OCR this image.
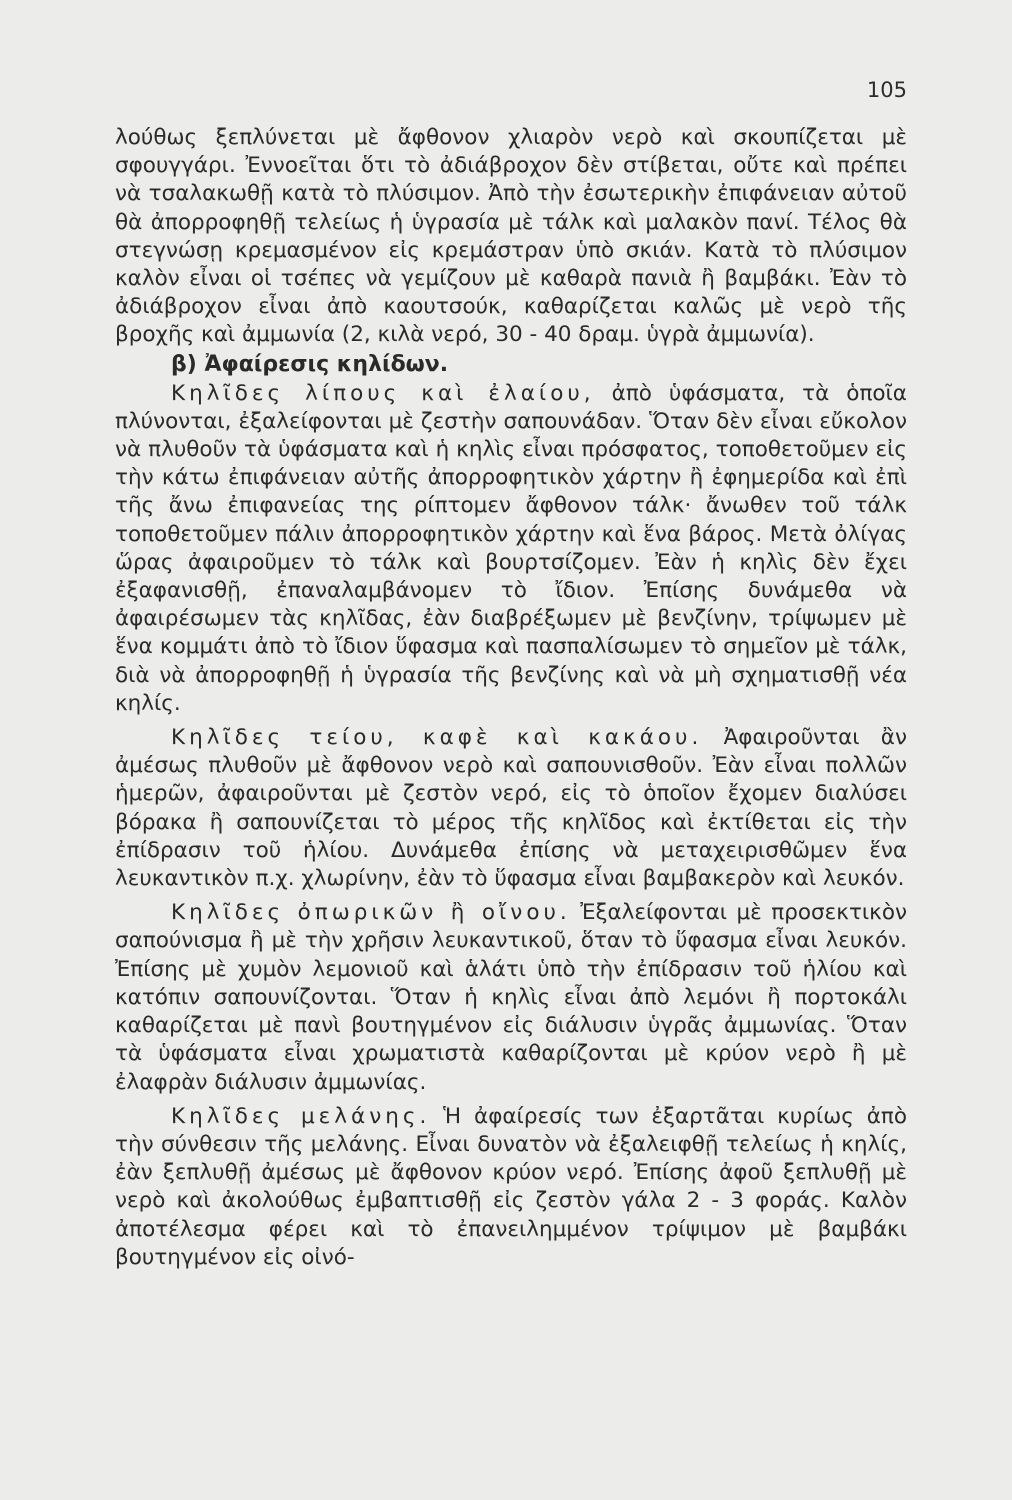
105

λούθως ξεπλύνεται μὲ ἄφθονον χλιαρὸν νερὸ καὶ σκουπίζεται μὲ σφουγγάρι. Ἐννοεῖται ὅτι τὸ ἀδιάβροχον δὲν στίβεται, οὔτε καὶ πρέπει νὰ τσαλακωθῇ κατὰ τὸ πλύσιμον. Ἀπὸ τὴν ἐσωτερικὴν ἐπιφάνειαν αὐτοῦ θὰ ἀπορροφηθῇ τελείως ἡ ὑγρασία μὲ τάλκ καὶ μαλακὸν πανί. Τέλος θὰ στεγνώσῃ κρεμασμένον εἰς κρεμάστραν ὑπὸ σκιάν. Κατὰ τὸ πλύσιμον καλὸν εἶναι οἱ τσέπες νὰ γεμίζουν μὲ καθαρὰ πανιὰ ἢ βαμβάκι. Ἐὰν τὸ ἀδιάβροχον εἶναι ἀπὸ καουτσούκ, καθαρίζεται καλῶς μὲ νερὸ τῆς βροχῆς καὶ ἀμμωνία (2, κιλὰ νερό, 30 - 40 δραμ. ὑγρὰ ἀμμωνία).

β) Ἀφαίρεσις κηλίδων.

Κηλῖδες λίπους καὶ ἐλαίου, ἀπὸ ὑφάσματα, τὰ ὁποῖα πλύνονται, ἐξαλείφονται μὲ ζεστὴν σαπουνάδαν. Ὅταν δὲν εἶναι εὔκολον νὰ πλυθοῦν τὰ ὑφάσματα καὶ ἡ κηλὶς εἶναι πρόσφατος, τοποθετοῦμεν εἰς τὴν κάτω ἐπιφάνειαν αὐτῆς ἀπορροφητικὸν χάρτην ἢ ἐφημερίδα καὶ ἐπὶ τῆς ἄνω ἐπιφανείας της ρίπτομεν ἄφθονον τάλκ· ἄνωθεν τοῦ τάλκ τοποθετοῦμεν πάλιν ἀπορροφητικὸν χάρτην καὶ ἕνα βάρος. Μετὰ ὀλίγας ὥρας ἀφαιροῦμεν τὸ τάλκ καὶ βουρτσίζομεν. Ἐὰν ἡ κηλὶς δὲν ἔχει ἐξαφανισθῇ, ἐπαναλαμβάνομεν τὸ ἴδιον. Ἐπίσης δυνάμεθα νὰ ἀφαιρέσωμεν τὰς κηλῖδας, ἐὰν διαβρέξωμεν μὲ βενζίνην, τρίψωμεν μὲ ἕνα κομμάτι ἀπὸ τὸ ἴδιον ὕφασμα καὶ πασπαλίσωμεν τὸ σημεῖον μὲ τάλκ, διὰ νὰ ἀπορροφηθῇ ἡ ὑγρασία τῆς βενζίνης καὶ νὰ μὴ σχηματισθῇ νέα κηλίς.

Κηλῖδες τείου, καφὲ καὶ κακάου. Ἀφαιροῦνται ἂν ἀμέσως πλυθοῦν μὲ ἄφθονον νερὸ καὶ σαπουνισθοῦν. Ἐὰν εἶναι πολλῶν ἡμερῶν, ἀφαιροῦνται μὲ ζεστὸν νερό, εἰς τὸ ὁποῖον ἔχομεν διαλύσει βόρακα ἢ σαπουνίζεται τὸ μέρος τῆς κηλῖδος καὶ ἐκτίθεται εἰς τὴν ἐπίδρασιν τοῦ ἡλίου. Δυνάμεθα ἐπίσης νὰ μεταχειρισθῶμεν ἕνα λευκαντικὸν π.χ. χλωρίνην, ἐὰν τὸ ὕφασμα εἶναι βαμβακερὸν καὶ λευκόν.

Κηλῖδες ὀπωρικῶν ἢ οἴνου. Ἐξαλείφονται μὲ προσεκτικὸν σαπούνισμα ἢ μὲ τὴν χρῆσιν λευκαντικοῦ, ὅταν τὸ ὕφασμα εἶναι λευκόν. Ἐπίσης μὲ χυμὸν λεμονιοῦ καὶ ἁλάτι ὑπὸ τὴν ἐπίδρασιν τοῦ ἡλίου καὶ κατόπιν σαπουνίζονται. Ὅταν ἡ κηλὶς εἶναι ἀπὸ λεμόνι ἢ πορτοκάλι καθαρίζεται μὲ πανὶ βουτηγμένον εἰς διάλυσιν ὑγρᾶς ἀμμωνίας. Ὅταν τὰ ὑφάσματα εἶναι χρωματιστὰ καθαρίζονται μὲ κρύον νερὸ ἢ μὲ ἐλαφρὰν διάλυσιν ἀμμωνίας.

Κηλῖδες μελάνης. Ἡ ἀφαίρεσίς των ἐξαρτᾶται κυρίως ἀπὸ τὴν σύνθεσιν τῆς μελάνης. Εἶναι δυνατὸν νὰ ἐξαλειφθῇ τελείως ἡ κηλίς, ἐὰν ξεπλυθῇ ἀμέσως μὲ ἄφθονον κρύον νερό. Ἐπίσης ἀφοῦ ξεπλυθῇ μὲ νερὸ καὶ ἀκολούθως ἐμβαπτισθῇ εἰς ζεστὸν γάλα 2 - 3 φοράς. Καλὸν ἀποτέλεσμα φέρει καὶ τὸ ἐπανειλημμένον τρίψιμον μὲ βαμβάκι βουτηγμένον εἰς οἰνό-
